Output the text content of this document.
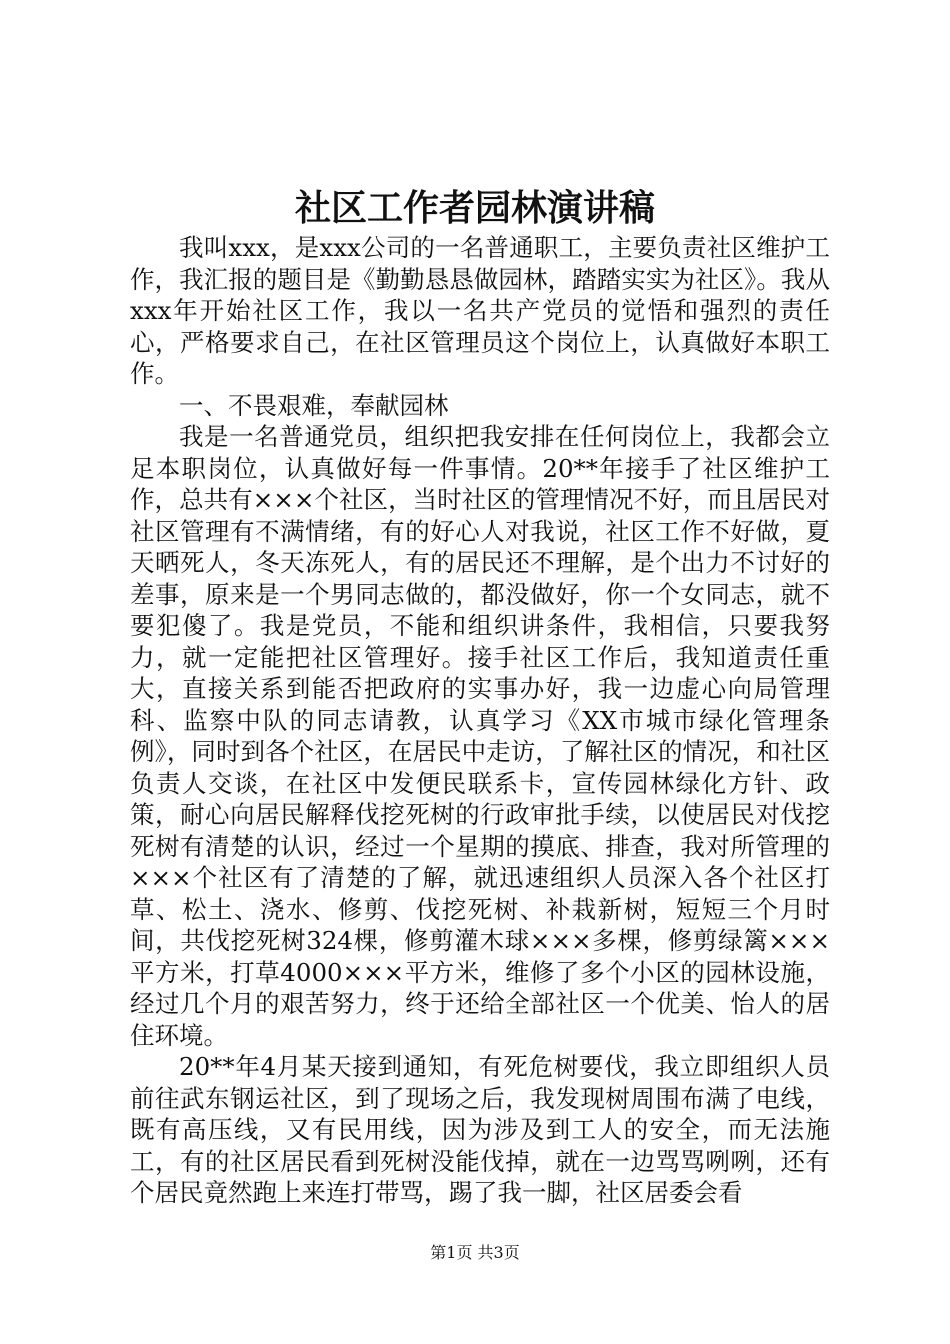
社区工作者园林演讲稿

我叫xxx，是xxx公司的一名普通职工，主要负责社区维护工作，我汇报的题目是《勤勤恳恳做园林，踏踏实实为社区》。我从xxx年开始社区工作，我以一名共产党员的觉悟和强烈的责任心，严格要求自己，在社区管理员这个岗位上，认真做好本职工作。

一、不畏艰难，奉献园林

我是一名普通党员，组织把我安排在任何岗位上，我都会立足本职岗位，认真做好每一件事情。20**年接手了社区维护工作，总共有×××个社区，当时社区的管理情况不好，而且居民对社区管理有不满情绪，有的好心人对我说，社区工作不好做，夏天晒死人，冬天冻死人，有的居民还不理解，是个出力不讨好的差事，原来是一个男同志做的，都没做好，你一个女同志，就不要犯傻了。我是党员，不能和组织讲条件，我相信，只要我努力，就一定能把社区管理好。接手社区工作后，我知道责任重大，直接关系到能否把政府的实事办好，我一边虚心向局管理科、监察中队的同志请教，认真学习《XX市城市绿化管理条例》，同时到各个社区，在居民中走访，了解社区的情况，和社区负责人交谈，在社区中发便民联系卡，宣传园林绿化方针、政策，耐心向居民解释伐挖死树的行政审批手续，以使居民对伐挖死树有清楚的认识，经过一个星期的摸底、排查，我对所管理的×××个社区有了清楚的了解，就迅速组织人员深入各个社区打草、松土、浇水、修剪、伐挖死树、补栽新树，短短三个月时间，共伐挖死树324棵，修剪灌木球×××多棵，修剪绿篱×××平方米，打草4000×××平方米，维修了多个小区的园林设施，经过几个月的艰苦努力，终于还给全部社区一个优美、怡人的居住环境。

20**年4月某天接到通知，有死危树要伐，我立即组织人员前往武东钢运社区，到了现场之后，我发现树周围布满了电线，既有高压线，又有民用线，因为涉及到工人的安全，而无法施工，有的社区居民看到死树没能伐掉，就在一边骂骂咧咧，还有个居民竟然跑上来连打带骂，踢了我一脚，社区居委会看

第1页 共3页
